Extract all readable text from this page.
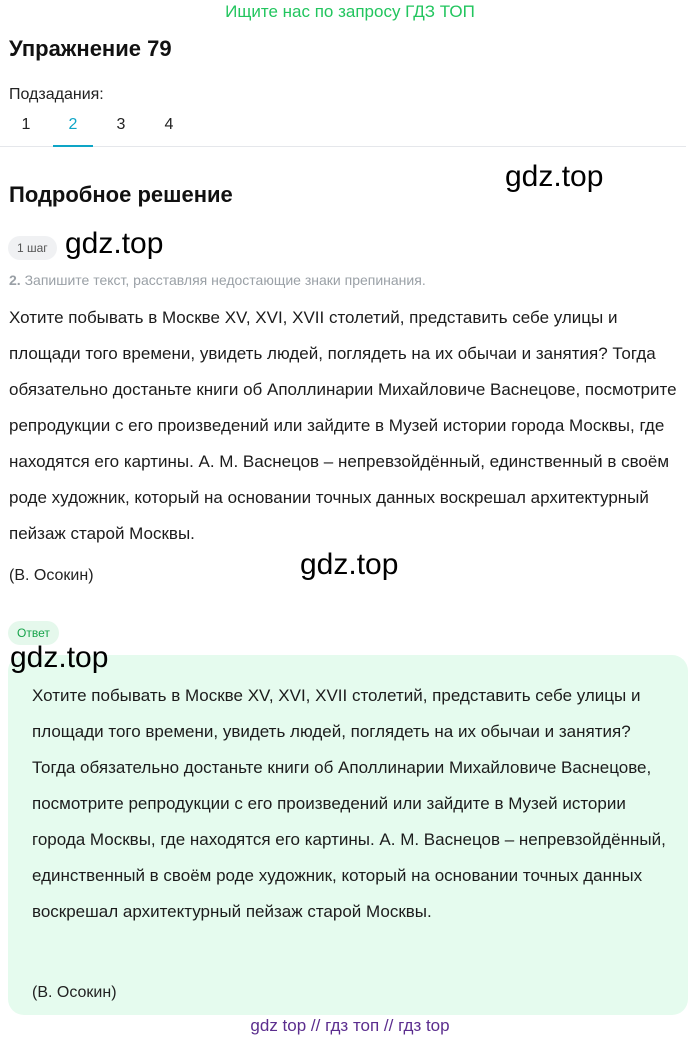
Ищите нас по запросу ГДЗ ТОП
Упражнение 79
Подзадания:
1	2	3	4
Подробное решение
gdz.top
1 шаг gdz.top
2. Запишите текст, расставляя недостающие знаки препинания.
Хотите побывать в Москве XV, XVI, XVII столетий, представить себе улицы и площади того времени, увидеть людей, поглядеть на их обычаи и занятия? Тогда обязательно достаньте книги об Аполлинарии Михайловиче Васнецове, посмотрите репродукции с его произведений или зайдите в Музей истории города Москвы, где находятся его картины. А. М. Васнецов – непревзойдённый, единственный в своём роде художник, который на основании точных данных воскрешал архитектурный пейзаж старой Москвы.
(В. Осокин)	gdz.top
Ответ
gdz.top
Хотите побывать в Москве XV, XVI, XVII столетий, представить себе улицы и площади того времени, увидеть людей, поглядеть на их обычаи и занятия? Тогда обязательно достаньте книги об Аполлинарии Михайловиче Васнецове, посмотрите репродукции с его произведений или зайдите в Музей истории города Москвы, где находятся его картины. А. М. Васнецов – непревзойдённый, единственный в своём роде художник, который на основании точных данных воскрешал архитектурный пейзаж старой Москвы.
(В. Осокин)
gdz top // гдз топ // гдз top
